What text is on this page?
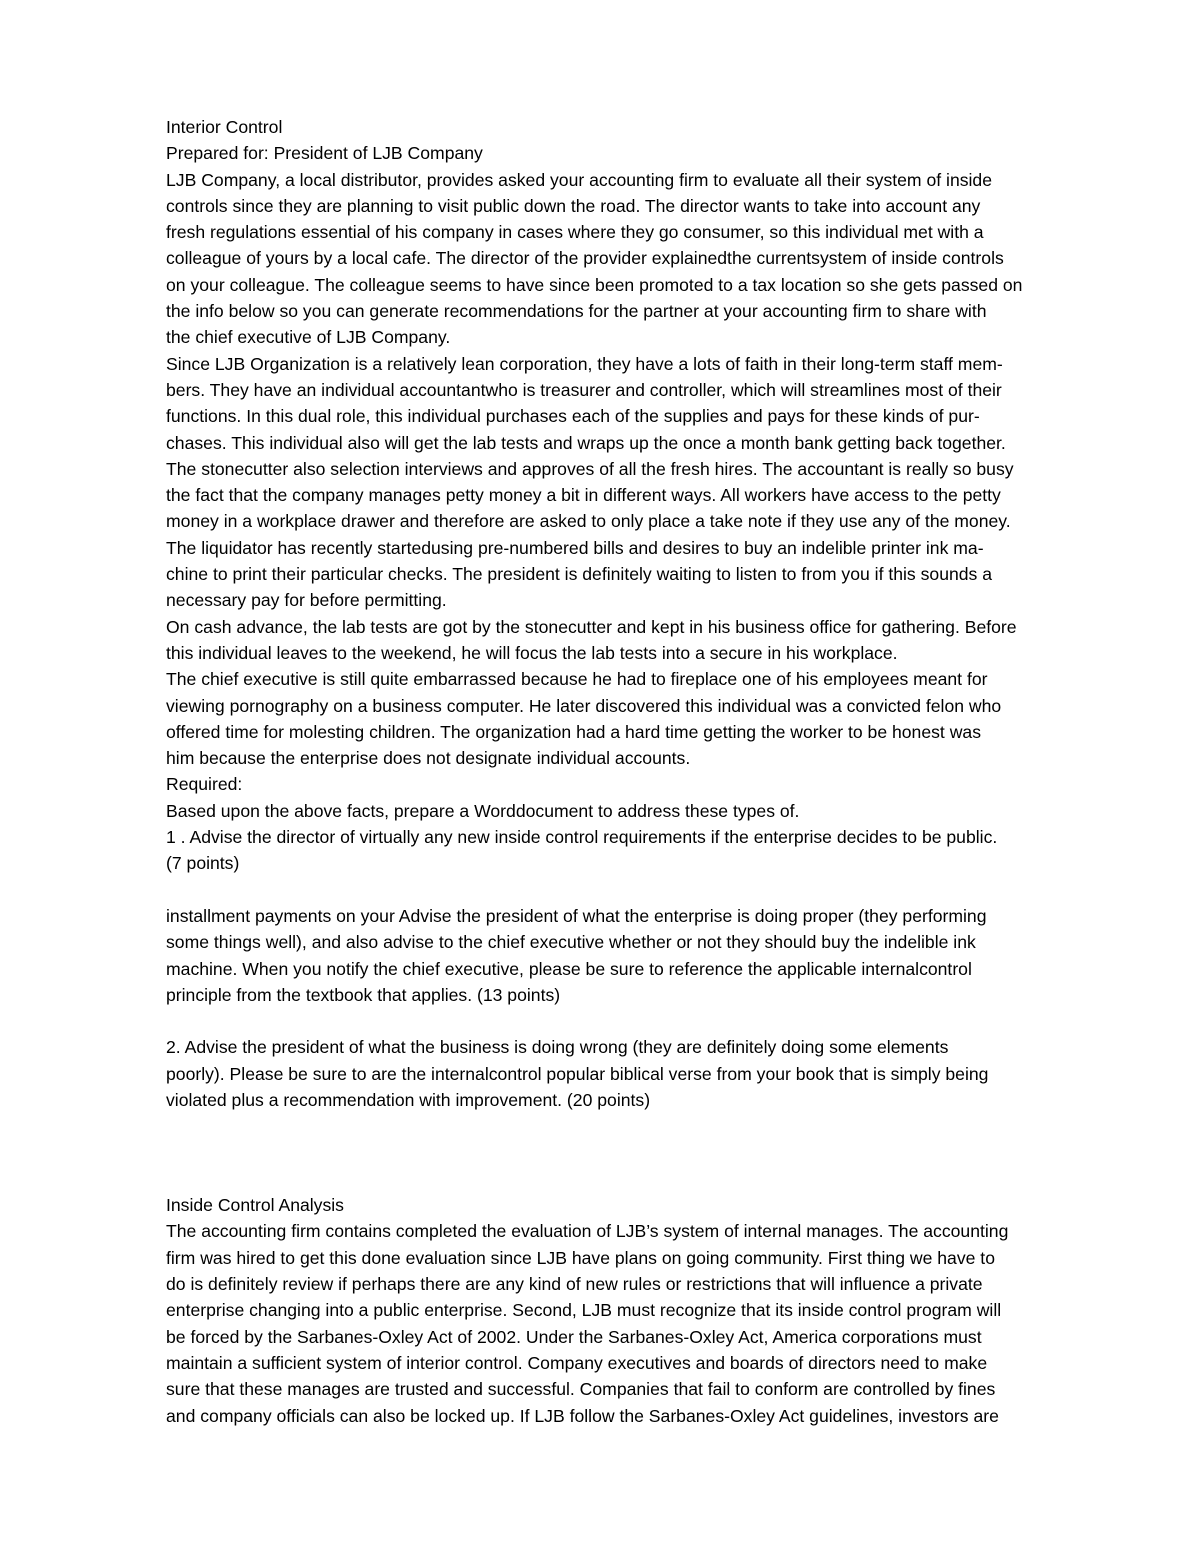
Interior Control
Prepared for: President of LJB Company
LJB Company, a local distributor, provides asked your accounting firm to evaluate all their system of inside
controls since they are planning to visit public down the road. The director wants to take into account any
fresh regulations essential of his company in cases where they go consumer, so this individual met with a
colleague of yours by a local cafe. The director of the provider explainedthe currentsystem of inside controls
on your colleague. The colleague seems to have since been promoted to a tax location so she gets passed on
the info below so you can generate recommendations for the partner at your accounting firm to share with
the chief executive of LJB Company.
Since LJB Organization is a relatively lean corporation, they have a lots of faith in their long-term staff mem-
bers. They have an individual accountantwho is treasurer and controller, which will streamlines most of their
functions. In this dual role, this individual purchases each of the supplies and pays for these kinds of pur-
chases. This individual also will get the lab tests and wraps up the once a month bank getting back together.
The stonecutter also selection interviews and approves of all the fresh hires. The accountant is really so busy
the fact that the company manages petty money a bit in different ways. All workers have access to the petty
money in a workplace drawer and therefore are asked to only place a take note if they use any of the money.
The liquidator has recently startedusing pre-numbered bills and desires to buy an indelible printer ink ma-
chine to print their particular checks. The president is definitely waiting to listen to from you if this sounds a
necessary pay for before permitting.
On cash advance, the lab tests are got by the stonecutter and kept in his business office for gathering. Before
this individual leaves to the weekend, he will focus the lab tests into a secure in his workplace.
The chief executive is still quite embarrassed because he had to fireplace one of his employees meant for
viewing pornography on a business computer. He later discovered this individual was a convicted felon who
offered time for molesting children. The organization had a hard time getting the worker to be honest was
him because the enterprise does not designate individual accounts.
Required:
Based upon the above facts, prepare a Worddocument to address these types of.
1 . Advise the director of virtually any new inside control requirements if the enterprise decides to be public.
(7 points)
installment payments on your Advise the president of what the enterprise is doing proper (they performing
some things well), and also advise to the chief executive whether or not they should buy the indelible ink
machine. When you notify the chief executive, please be sure to reference the applicable internalcontrol
principle from the textbook that applies. (13 points)
2. Advise the president of what the business is doing wrong (they are definitely doing some elements
poorly). Please be sure to are the internalcontrol popular biblical verse from your book that is simply being
violated plus a recommendation with improvement. (20 points)
Inside Control Analysis
The accounting firm contains completed the evaluation of LJB’s system of internal manages. The accounting
firm was hired to get this done evaluation since LJB have plans on going community. First thing we have to
do is definitely review if perhaps there are any kind of new rules or restrictions that will influence a private
enterprise changing into a public enterprise. Second, LJB must recognize that its inside control program will
be forced by the Sarbanes-Oxley Act of 2002. Under the Sarbanes-Oxley Act, America corporations must
maintain a sufficient system of interior control. Company executives and boards of directors need to make
sure that these manages are trusted and successful. Companies that fail to conform are controlled by fines
and company officials can also be locked up. If LJB follow the Sarbanes-Oxley Act guidelines, investors are
